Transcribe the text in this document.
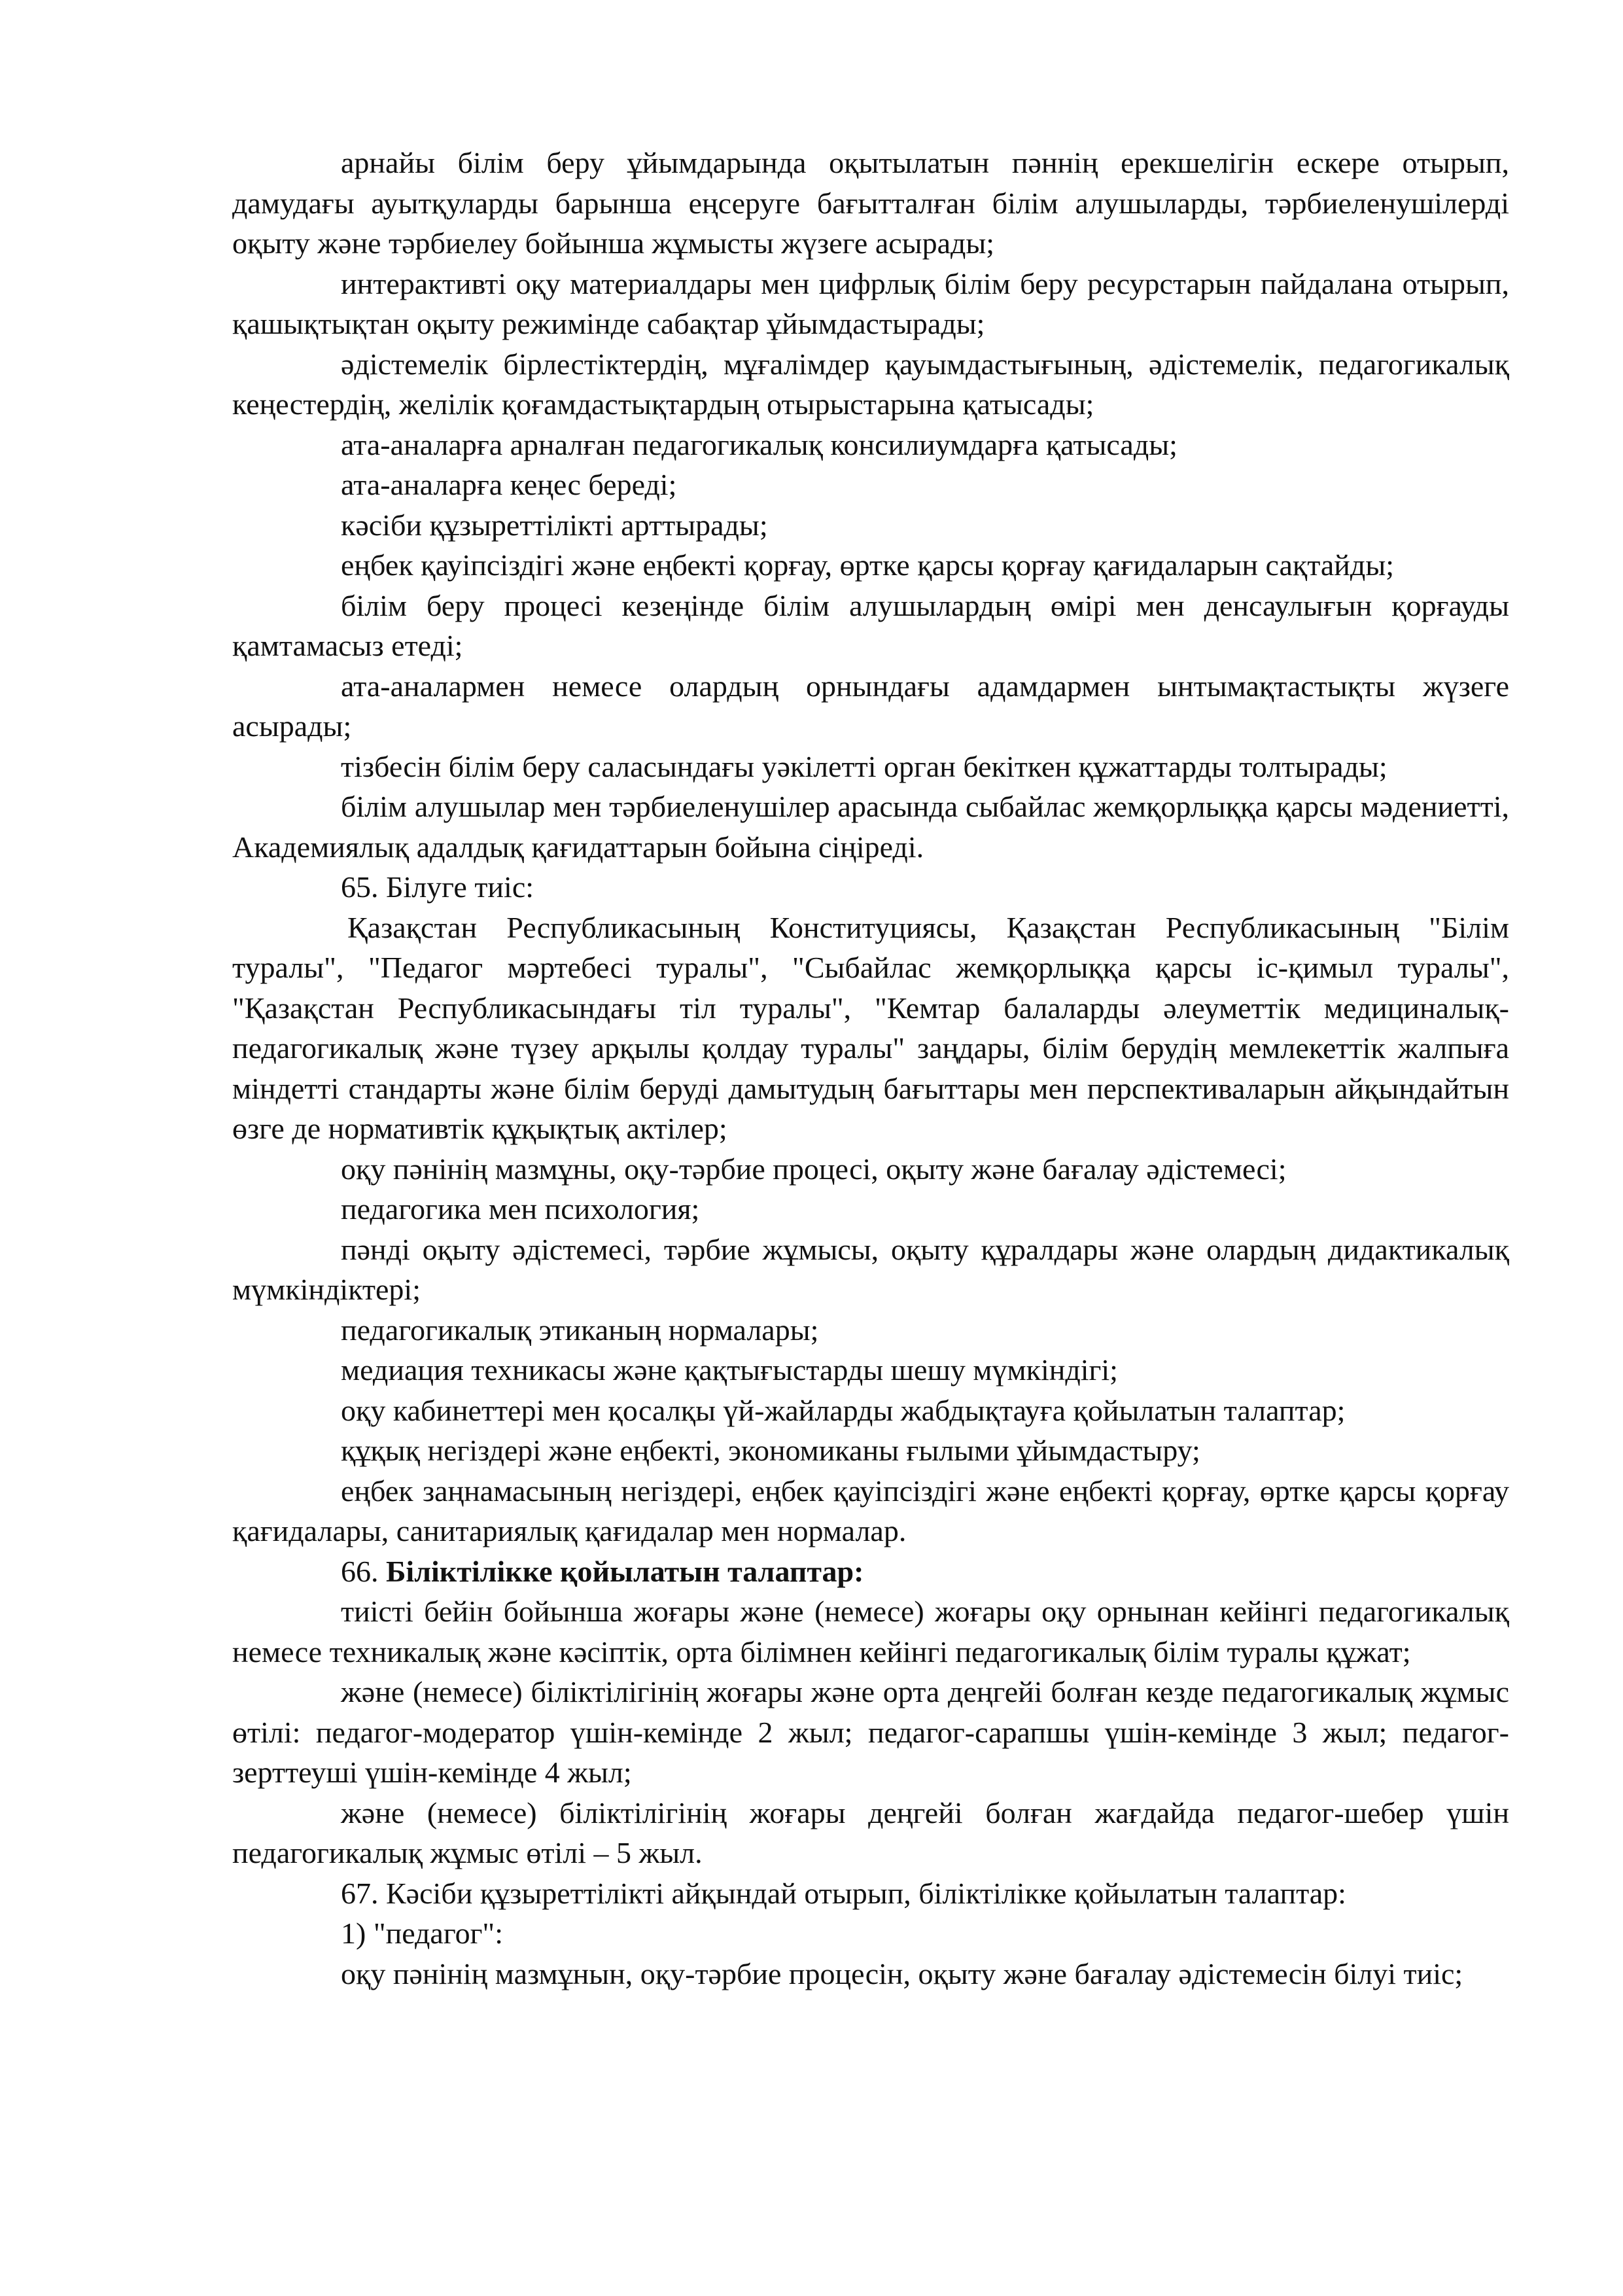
арнайы білім беру ұйымдарында оқытылатын пәннің ерекшелігін ескере отырып, дамудағы ауытқуларды барынша еңсеруге бағытталған білім алушыларды, тәрбиеленушілерді оқыту және тәрбиелеу бойынша жұмысты жүзеге асырады;

интерактивті оқу материалдары мен цифрлық білім беру ресурстарын пайдалана отырып, қашықтықтан оқыту режимінде сабақтар ұйымдастырады;

әдістемелік бірлестіктердің, мұғалімдер қауымдастығының, әдістемелік, педагогикалық кеңестердің, желілік қоғамдастықтардың отырыстарына қатысады;

ата-аналарға арналған педагогикалық консилиумдарға қатысады;

ата-аналарға кеңес береді;

кәсіби құзыреттілікті арттырады;

еңбек қауіпсіздігі және еңбекті қорғау, өртке қарсы қорғау қағидаларын сақтайды;

білім беру процесі кезеңінде білім алушылардың өмірі мен денсаулығын қорғауды қамтамасыз етеді;

ата-аналармен немесе олардың орнындағы адамдармен ынтымақтастықты жүзеге асырады;

тізбесін білім беру саласындағы уәкілетті орган бекіткен құжаттарды толтырады;

білім алушылар мен тәрбиеленушілер арасында сыбайлас жемқорлыққа қарсы мәдениетті, Академиялық адалдық қағидаттарын бойына сіңіреді.

65. Білуге тиіс:

Қазақстан Республикасының Конституциясы, Қазақстан Республикасының "Білім туралы", "Педагог мәртебесі туралы", "Сыбайлас жемқорлыққа қарсы іс-қимыл туралы", "Қазақстан Республикасындағы тіл туралы", "Кемтар балаларды әлеуметтік медициналық-педагогикалық және түзеу арқылы қолдау туралы" заңдары, білім берудің мемлекеттік жалпыға міндетті стандарты және білім беруді дамытудың бағыттары мен перспективаларын айқындайтын өзге де нормативтік құқықтық актілер;

оқу пәнінің мазмұны, оқу-тәрбие процесі, оқыту және бағалау әдістемесі;

педагогика мен психология;

пәнді оқыту әдістемесі, тәрбие жұмысы, оқыту құралдары және олардың дидактикалық мүмкіндіктері;

педагогикалық этиканың нормалары;

медиация техникасы және қақтығыстарды шешу мүмкіндігі;

оқу кабинеттері мен қосалқы үй-жайларды жабдықтауға қойылатын талаптар;

құқық негіздері және еңбекті, экономиканы ғылыми ұйымдастыру;

еңбек заңнамасының негіздері, еңбек қауіпсіздігі және еңбекті қорғау, өртке қарсы қорғау қағидалары, санитариялық қағидалар мен нормалар.

66. Біліктілікке қойылатын талаптар:

тиісті бейін бойынша жоғары және (немесе) жоғары оқу орнынан кейінгі педагогикалық немесе техникалық және кәсіптік, орта білімнен кейінгі педагогикалық білім туралы құжат;

және (немесе) біліктілігінің жоғары және орта деңгейі болған кезде педагогикалық жұмыс өтілі: педагог-модератор үшін-кемінде 2 жыл; педагог-сарапшы үшін-кемінде 3 жыл; педагог-зерттеуші үшін-кемінде 4 жыл;

және (немесе) біліктілігінің жоғары деңгейі болған жағдайда педагог-шебер үшін педагогикалық жұмыс өтілі – 5 жыл.

67. Кәсіби құзыреттілікті айқындай отырып, біліктілікке қойылатын талаптар:

1) "педагог":

оқу пәнінің мазмұнын, оқу-тәрбие процесін, оқыту және бағалау әдістемесін білуі тиіс;
